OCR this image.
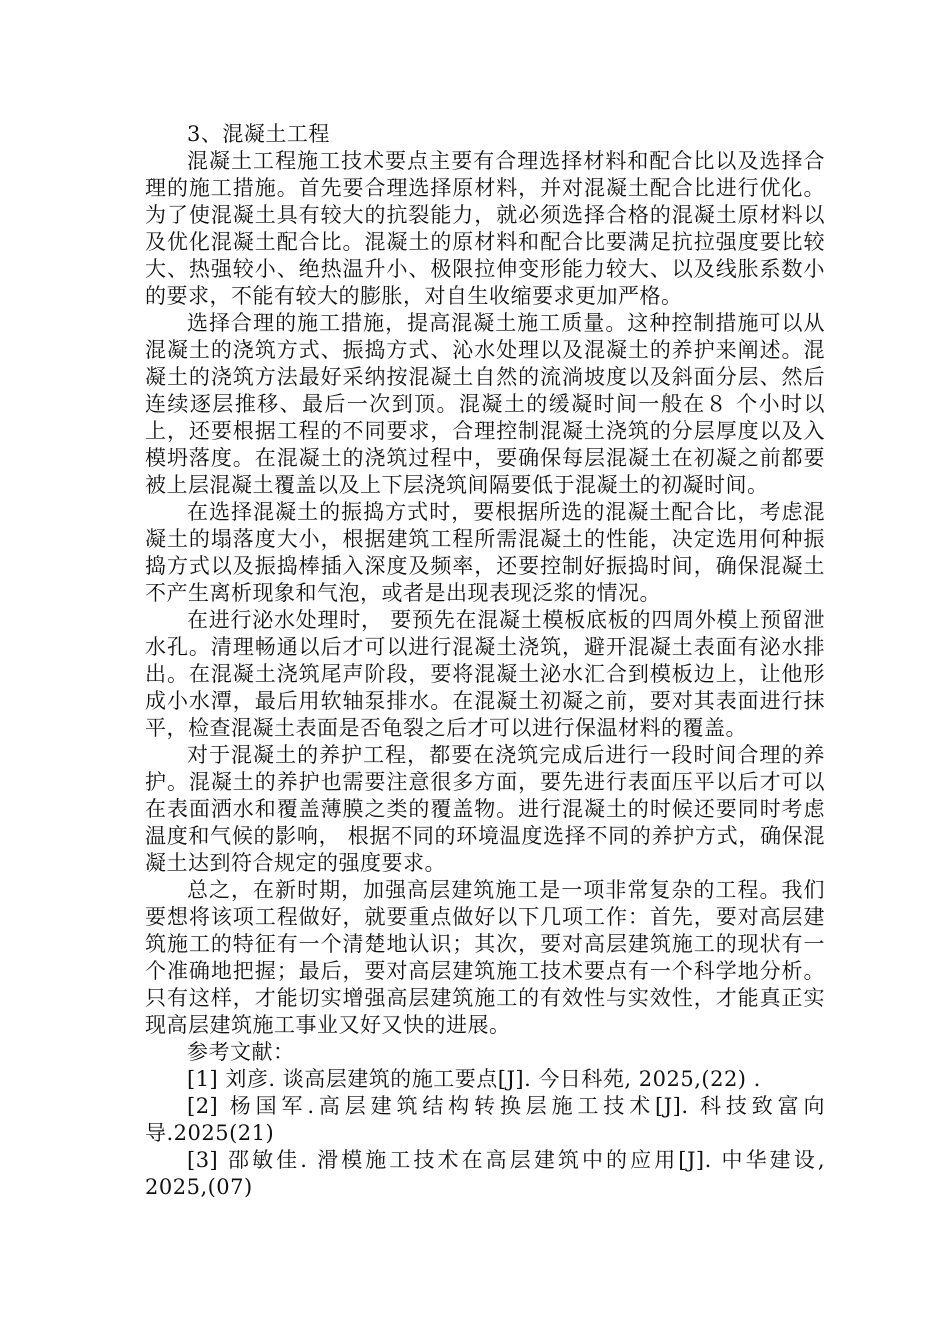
3、混凝土工程

混凝土工程施工技术要点主要有合理选择材料和配合比以及选择合理的施工措施。首先要合理选择原材料，并对混凝土配合比进行优化。为了使混凝土具有较大的抗裂能力，就必须选择合格的混凝土原材料以及优化混凝土配合比。混凝土的原材料和配合比要满足抗拉强度要比较大、热强较小、绝热温升小、极限拉伸变形能力较大、以及线胀系数小的要求，不能有较大的膨胀，对自生收缩要求更加严格。

选择合理的施工措施，提高混凝土施工质量。这种控制措施可以从混凝土的浇筑方式、振捣方式、沁水处理以及混凝土的养护来阐述。混凝土的浇筑方法最好采纳按混凝土自然的流淌坡度以及斜面分层、然后连续逐层推移、最后一次到顶。混凝土的缓凝时间一般在８ 个小时以上，还要根据工程的不同要求，合理控制混凝土浇筑的分层厚度以及入模坍落度。在混凝土的浇筑过程中，要确保每层混凝土在初凝之前都要被上层混凝土覆盖以及上下层浇筑间隔要低于混凝土的初凝时间。

在选择混凝土的振捣方式时，要根据所选的混凝土配合比，考虑混凝土的塌落度大小，根据建筑工程所需混凝土的性能，决定选用何种振捣方式以及振捣棒插入深度及频率，还要控制好振捣时间，确保混凝土不产生离析现象和气泡，或者是出现表现泛浆的情况。

在进行泌水处理时， 要预先在混凝土模板底板的四周外模上预留泄水孔。清理畅通以后才可以进行混凝土浇筑，避开混凝土表面有泌水排出。在混凝土浇筑尾声阶段，要将混凝土泌水汇合到模板边上，让他形成小水潭，最后用软轴泵排水。在混凝土初凝之前，要对其表面进行抹平，检查混凝土表面是否龟裂之后才可以进行保温材料的覆盖。

对于混凝土的养护工程，都要在浇筑完成后进行一段时间合理的养护。混凝土的养护也需要注意很多方面，要先进行表面压平以后才可以在表面洒水和覆盖薄膜之类的覆盖物。进行混凝土的时候还要同时考虑温度和气候的影响， 根据不同的环境温度选择不同的养护方式，确保混凝土达到符合规定的强度要求。

总之，在新时期，加强高层建筑施工是一项非常复杂的工程。我们要想将该项工程做好，就要重点做好以下几项工作：首先，要对高层建筑施工的特征有一个清楚地认识；其次，要对高层建筑施工的现状有一个准确地把握；最后，要对高层建筑施工技术要点有一个科学地分析。只有这样，才能切实增强高层建筑施工的有效性与实效性，才能真正实现高层建筑施工事业又好又快的进展。

参考文献：

[1] 刘彦. 谈高层建筑的施工要点[J]. 今日科苑, 2025,(22) .

[2] 杨国军.高层建筑结构转换层施工技术[J]. 科技致富向导.2025(21)

[3] 邵敏佳. 滑模施工技术在高层建筑中的应用[J]. 中华建设, 2025,(07)
